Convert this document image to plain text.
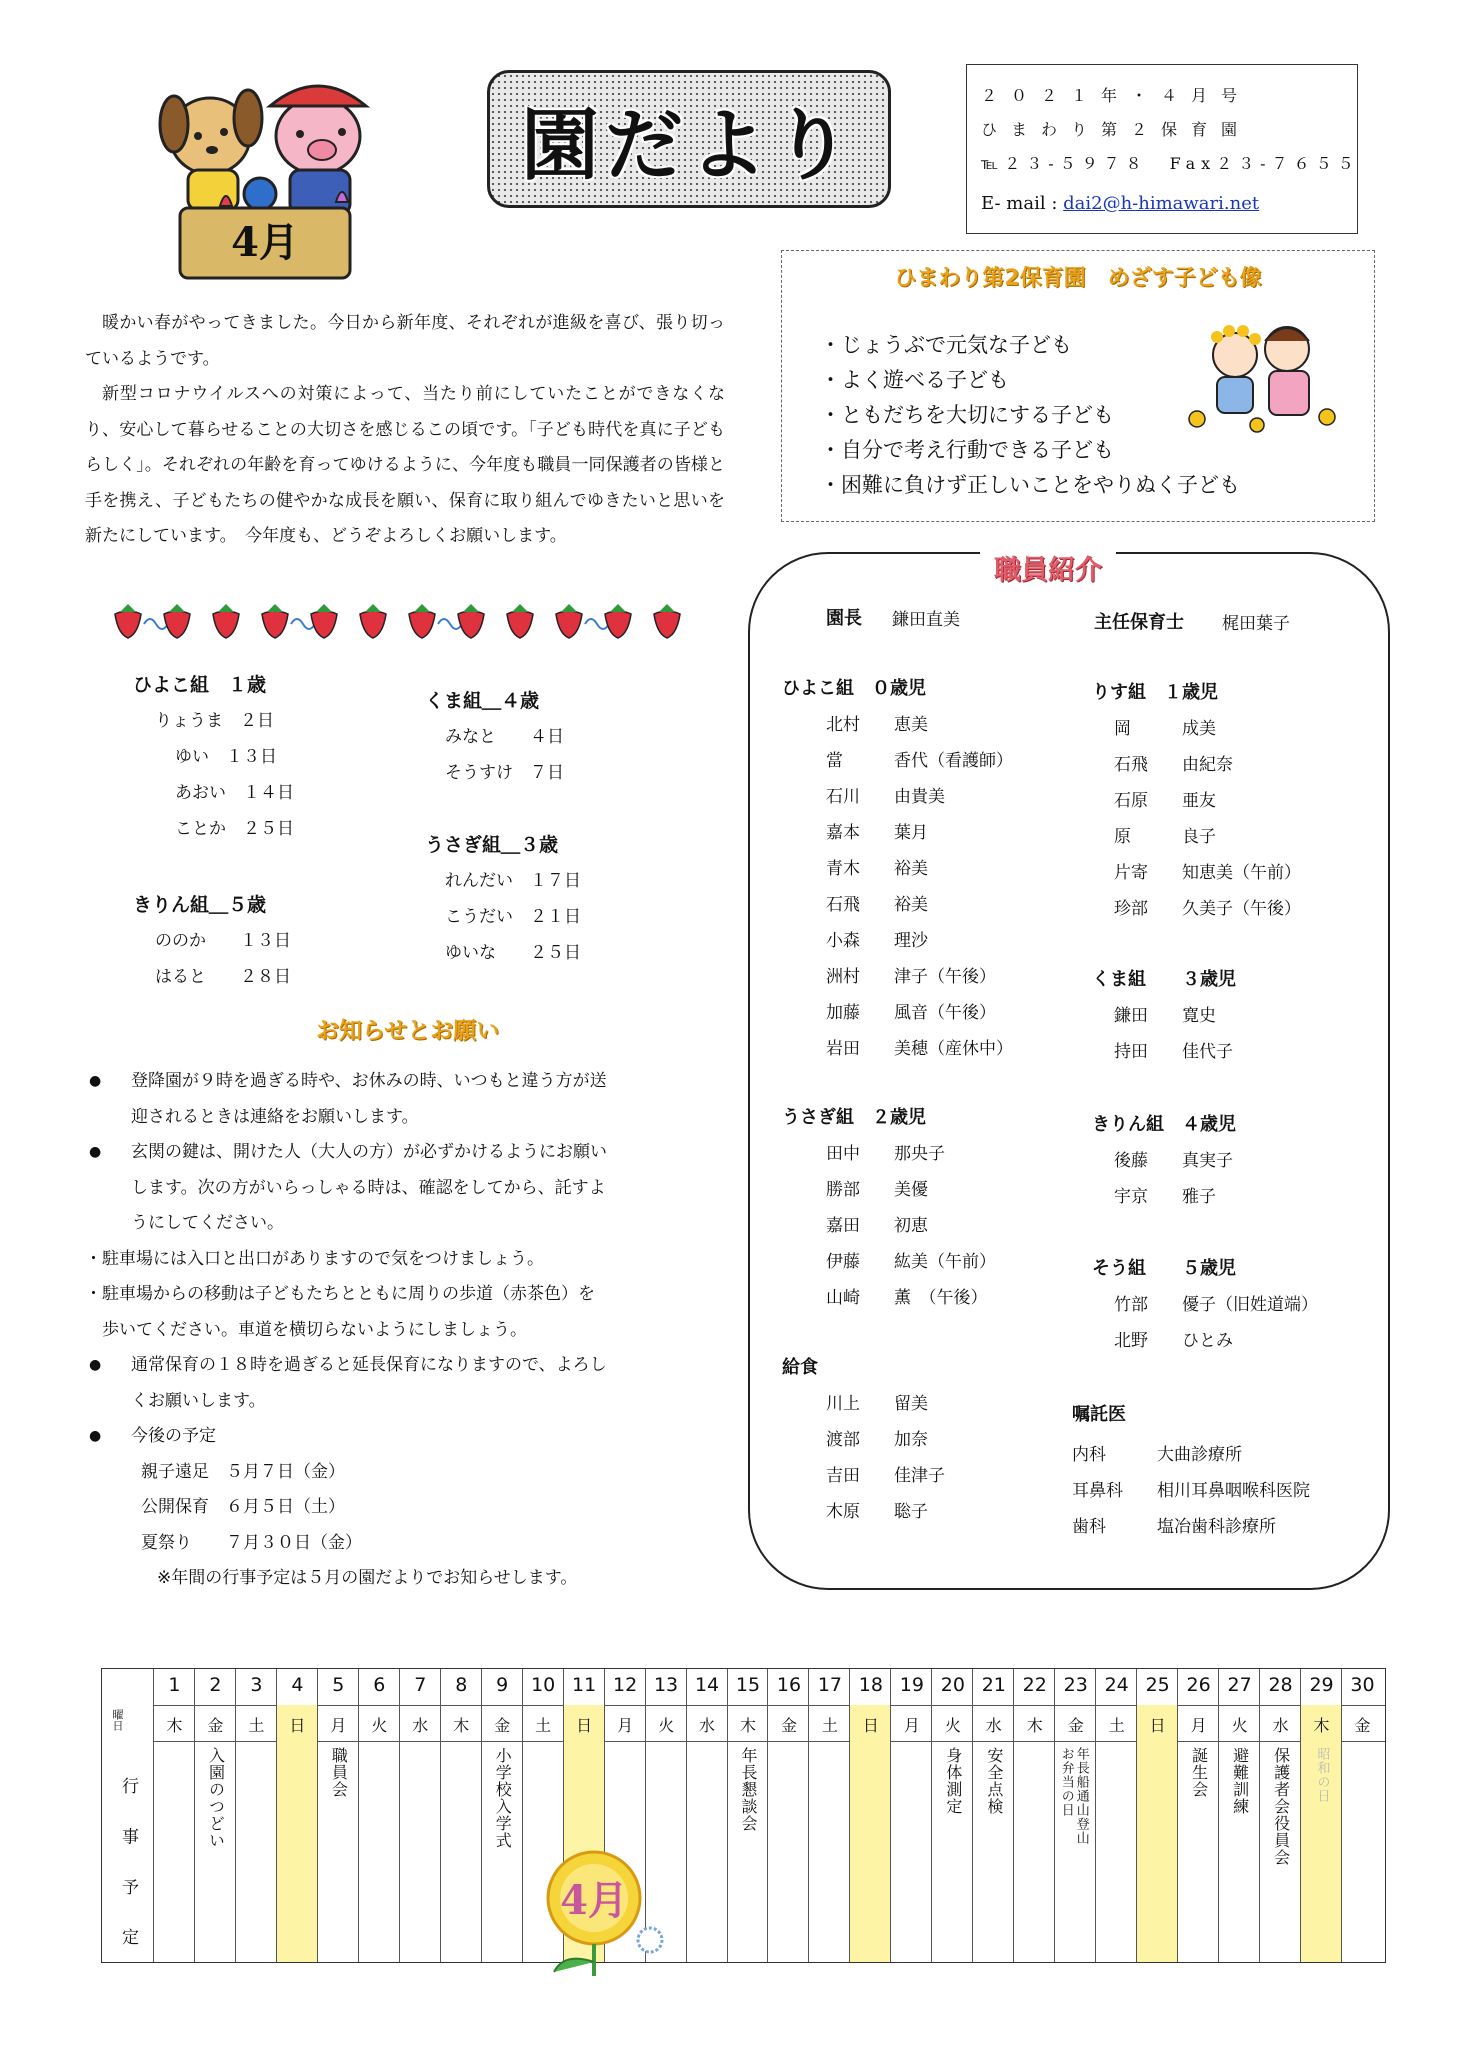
4月
園だより
２０２１年・４月号
ひまわり第２保育園
℡２３-５９７８　Fax２３-７６５５
E- mail : dai2@h-himawari.net

暖かい春がやってきました。今日から新年度、それぞれが進級を喜び、張り切っているようです。

新型コロナウイルスへの対策によって、当たり前にしていたことができなくなり、安心して暮らせることの大切さを感じるこの頃です。「子ども時代を真に子どもらしく」。それぞれの年齢を育ってゆけるように、今年度も職員一同保護者の皆様と手を携え、子どもたちの健やかな成長を願い、保育に取り組んでゆきたいと思いを新たにしています。　今年度も、どうぞよろしくお願いします。

ひよこ組　１歳
りょうま　２日
ゆい　１３日
あおい　１４日
ことか　２５日
くま組＿４歳
みなと　　４日
そうすけ　７日
うさぎ組＿３歳
れんだい　１７日
こうだい　２１日
ゆいな　　２５日
きりん組＿５歳
ののか　　１３日
はると　　２８日
お知らせとお願い
● 登降園が９時を過ぎる時や、お休みの時、いつもと違う方が送
迎されるときは連絡をお願いします。
● 玄関の鍵は、開けた人（大人の方）が必ずかけるようにお願い
します。次の方がいらっしゃる時は、確認をしてから、託すよ
うにしてください。
・駐車場には入口と出口がありますので気をつけましょう。
・駐車場からの移動は子どもたちとともに周りの歩道（赤茶色）を
　歩いてください。車道を横切らないようにしましょう。
● 通常保育の１８時を過ぎると延長保育になりますので、よろし
くお願いします。
● 今後の予定
親子遠足　５月７日（金）
公開保育　６月５日（土）
夏祭り　　７月３０日（金）
※年間の行事予定は５月の園だよりでお知らせします。
ひまわり第2保育園　めざす子ども像
・じょうぶで元気な子ども
・よく遊べる子ども
・ともだちを大切にする子ども
・自分で考え行動できる子ども
・困難に負けず正しいことをやりぬく子ども
職員紹介
園長 鎌田直美	主任保育士 梶田葉子
ひよこ組　０歳児
北村　　恵美
當　　　香代（看護師）
石川　　由貴美
嘉本　　葉月
青木　　裕美
石飛　　裕美
小森　　理沙
洲村　　津子（午後）
加藤　　風音（午後）
岩田　　美穂（産休中）
うさぎ組　２歳児
田中　　那央子
勝部　　美優
嘉田　　初恵
伊藤　　紘美（午前）
山崎　　薫　（午後）
給食
川上　　留美
渡部　　加奈
吉田　　佳津子
木原　　聡子
りす組　１歳児
岡　　　成美
石飛　　由紀奈
石原　　亜友
原　　　良子
片寄　　知恵美（午前）
珍部　　久美子（午後）
くま組　　３歳児
鎌田　　寛史
持田　　佳代子
きりん組　４歳児
後藤　　真実子
宇京　　雅子
そう組　　５歳児
竹部　　優子（旧姓道端）
北野　　ひとみ
嘱託医
内科　　　大曲診療所
耳鼻科　　相川耳鼻咽喉科医院
歯科　　　塩冶歯科診療所
曜日
行 事 予 定
1
木
2
金
入園のつどい
3
土
4
日
5
月
職員会
6
火
7
水
8
木
9
金
小学校入学式
10
土
11
日
12
月
13
火
14
水
15
木
年長懇談会
16
金
17
土
18
日
19
月
20
火
身体測定
21
水
安全点検
22
木
23
金
年長船通山登山
お弁当の日
24
土
25
日
26
月
誕生会
27
火
避難訓練
28
水
保護者会役員会
29
木
昭和の日
30
金
4月
